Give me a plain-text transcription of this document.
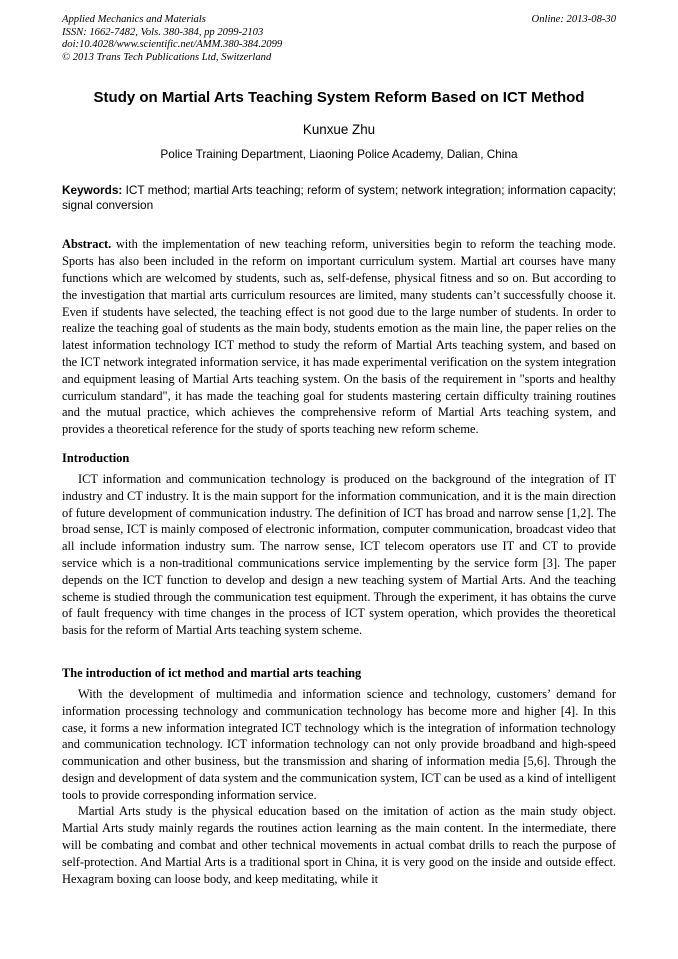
Applied Mechanics and Materials
ISSN: 1662-7482, Vols. 380-384, pp 2099-2103
doi:10.4028/www.scientific.net/AMM.380-384.2099
© 2013 Trans Tech Publications Ltd, Switzerland
Online: 2013-08-30
Study on Martial Arts Teaching System Reform Based on ICT Method
Kunxue Zhu
Police Training Department, Liaoning Police Academy, Dalian, China

Keywords: ICT method; martial Arts teaching; reform of system; network integration; information capacity; signal conversion

Abstract. with the implementation of new teaching reform, universities begin to reform the teaching mode. Sports has also been included in the reform on important curriculum system. Martial art courses have many functions which are welcomed by students, such as, self-defense, physical fitness and so on. But according to the investigation that martial arts curriculum resources are limited, many students can’t successfully choose it. Even if students have selected, the teaching effect is not good due to the large number of students. In order to realize the teaching goal of students as the main body, students emotion as the main line, the paper relies on the latest information technology ICT method to study the reform of Martial Arts teaching system, and based on the ICT network integrated information service, it has made experimental verification on the system integration and equipment leasing of Martial Arts teaching system. On the basis of the requirement in "sports and healthy curriculum standard", it has made the teaching goal for students mastering certain difficulty training routines and the mutual practice, which achieves the comprehensive reform of Martial Arts teaching system, and provides a theoretical reference for the study of sports teaching new reform scheme.

Introduction

ICT information and communication technology is produced on the background of the integration of IT industry and CT industry. It is the main support for the information communication, and it is the main direction of future development of communication industry. The definition of ICT has broad and narrow sense [1,2]. The broad sense, ICT is mainly composed of electronic information, computer communication, broadcast video that all include information industry sum. The narrow sense, ICT telecom operators use IT and CT to provide service which is a non-traditional communications service implementing by the service form [3]. The paper depends on the ICT function to develop and design a new teaching system of Martial Arts. And the teaching scheme is studied through the communication test equipment. Through the experiment, it has obtains the curve of fault frequency with time changes in the process of ICT system operation, which provides the theoretical basis for the reform of Martial Arts teaching system scheme.

The introduction of ict method and martial arts teaching

With the development of multimedia and information science and technology, customers’ demand for information processing technology and communication technology has become more and higher [4]. In this case, it forms a new information integrated ICT technology which is the integration of information technology and communication technology. ICT information technology can not only provide broadband and high-speed communication and other business, but the transmission and sharing of information media [5,6]. Through the design and development of data system and the communication system, ICT can be used as a kind of intelligent tools to provide corresponding information service.

Martial Arts study is the physical education based on the imitation of action as the main study object. Martial Arts study mainly regards the routines action learning as the main content. In the intermediate, there will be combating and combat and other technical movements in actual combat drills to reach the purpose of self-protection. And Martial Arts is a traditional sport in China, it is very good on the inside and outside effect. Hexagram boxing can loose body, and keep meditating, while it
